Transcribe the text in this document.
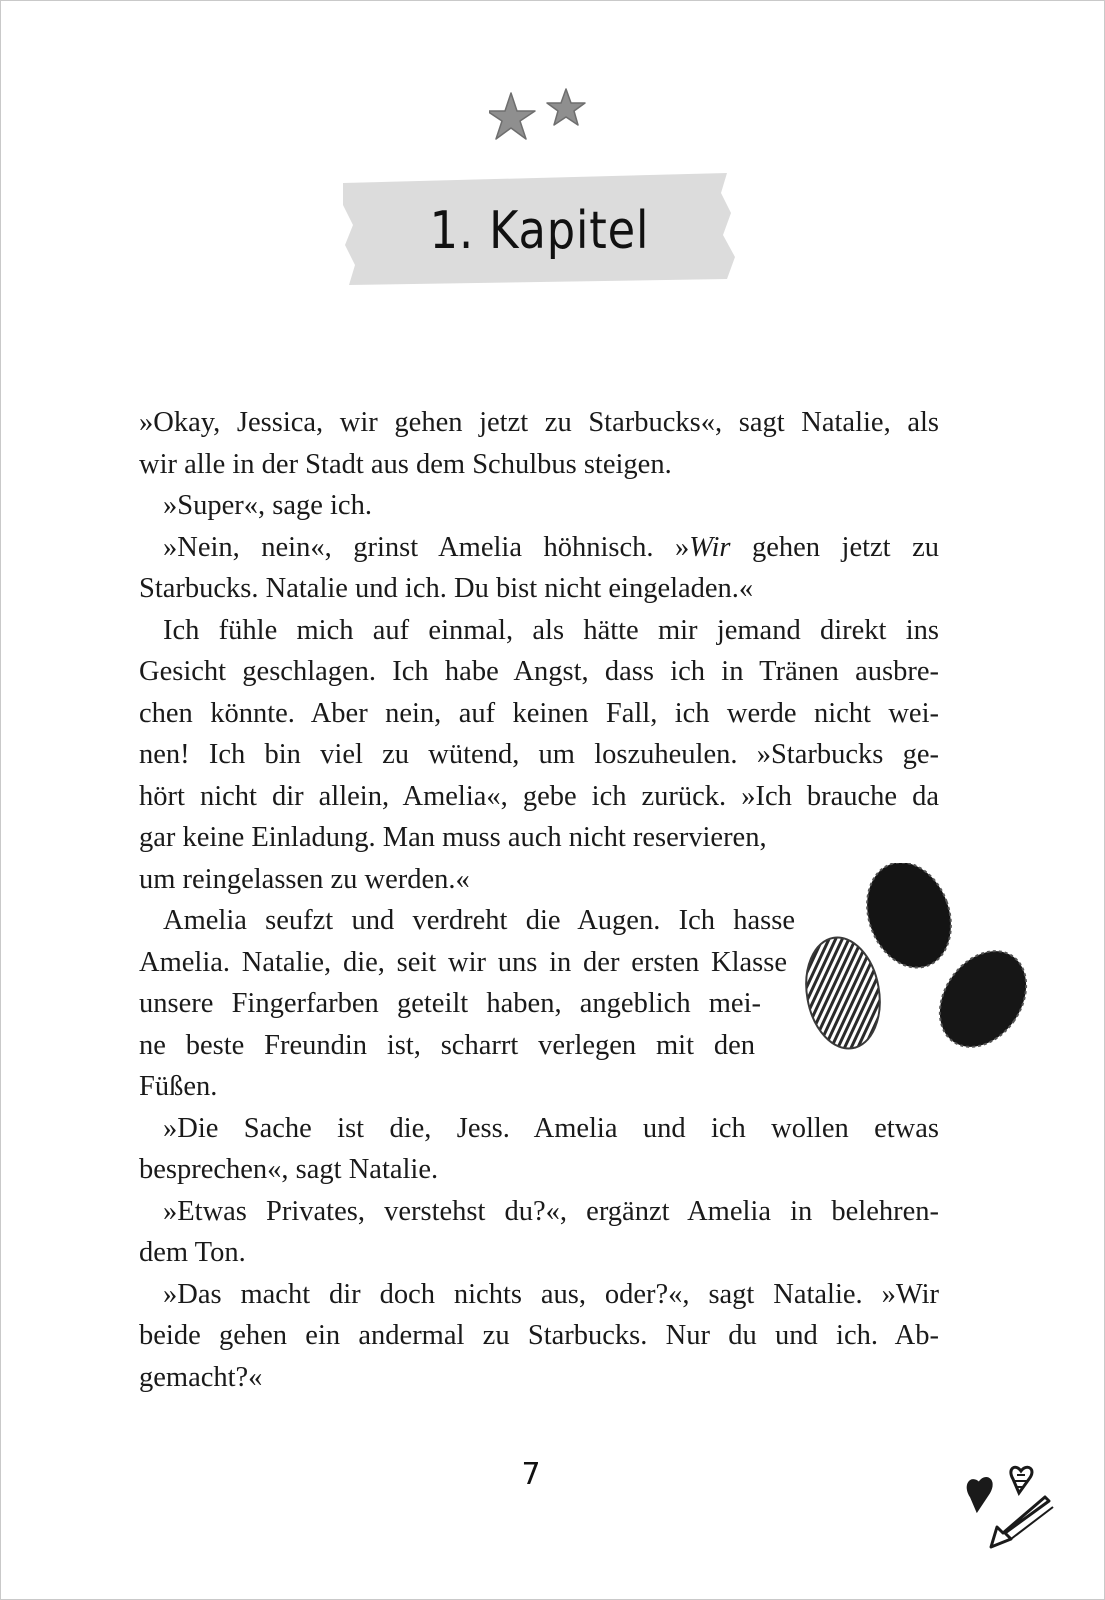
1. Kapitel
»Okay, Jessica, wir gehen jetzt zu Starbucks«, sagt Natalie, als
wir alle in der Stadt aus dem Schulbus steigen.
»Super«, sage ich.
»Nein, nein«, grinst Amelia höhnisch. »Wir gehen jetzt zu
Starbucks. Natalie und ich. Du bist nicht eingeladen.«
Ich fühle mich auf einmal, als hätte mir jemand direkt ins
Gesicht geschlagen. Ich habe Angst, dass ich in Tränen ausbre-
chen könnte. Aber nein, auf keinen Fall, ich werde nicht wei-
nen! Ich bin viel zu wütend, um loszuheulen. »Starbucks ge-
hört nicht dir allein, Amelia«, gebe ich zurück. »Ich brauche da
gar keine Einladung. Man muss auch nicht reservieren,
um reingelassen zu werden.«
Amelia seufzt und verdreht die Augen. Ich hasse
Amelia. Natalie, die, seit wir uns in der ersten Klasse
unsere Fingerfarben geteilt haben, angeblich mei-
ne beste Freundin ist, scharrt verlegen mit den
Füßen.
»Die Sache ist die, Jess. Amelia und ich wollen etwas
besprechen«, sagt Natalie.
»Etwas Privates, verstehst du?«, ergänzt Amelia in belehren-
dem Ton.
»Das macht dir doch nichts aus, oder?«, sagt Natalie. »Wir
beide gehen ein andermal zu Starbucks. Nur du und ich. Ab-
gemacht?«
7
